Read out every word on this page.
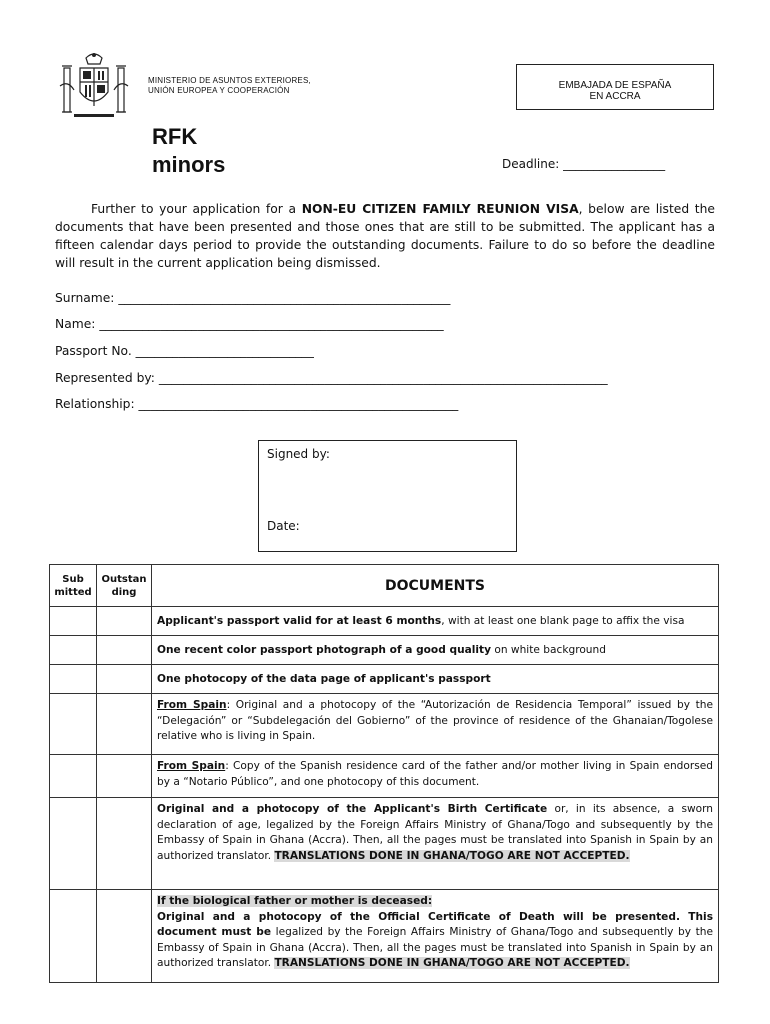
MINISTERIO DE ASUNTOS EXTERIORES,
UNIÓN EUROPEA Y COOPERACIÓN	EMBAJADA DE ESPAÑA
EN ACCRA
RFK
minors	Deadline: _________________
Further to your application for a NON-EU CITIZEN FAMILY REUNION VISA, below are listed the documents that have been presented and those ones that are still to be submitted. The applicant has a fifteen calendar days period to provide the outstanding documents. Failure to do so before the deadline will result in the current application being dismissed.
Surname: ______________________________________________________
Name: ________________________________________________________
Passport No. _____________________________
Represented by: _________________________________________________________________________
Relationship: ____________________________________________________
Signed by:
Date:
Sub mitted	Outstan ding	DOCUMENTS
		Applicant's passport valid for at least 6 months, with at least one blank page to affix the visa
		One recent color passport photograph of a good quality on white background
		One photocopy of the data page of applicant's passport
		From Spain: Original and a photocopy of the “Autorización de Residencia Temporal” issued by the “Delegación” or “Subdelegación del Gobierno” of the province of residence of the Ghanaian/Togolese relative who is living in Spain.
		From Spain: Copy of the Spanish residence card of the father and/or mother living in Spain endorsed by a “Notario Público”, and one photocopy of this document.
		Original and a photocopy of the Applicant's Birth Certificate or, in its absence, a sworn declaration of age, legalized by the Foreign Affairs Ministry of Ghana/Togo and subsequently by the Embassy of Spain in Ghana (Accra). Then, all the pages must be translated into Spanish in Spain by an authorized translator. TRANSLATIONS DONE IN GHANA/TOGO ARE NOT ACCEPTED.
		If the biological father or mother is deceased:
Original and a photocopy of the Official Certificate of Death will be presented. This document must be legalized by the Foreign Affairs Ministry of Ghana/Togo and subsequently by the Embassy of Spain in Ghana (Accra). Then, all the pages must be translated into Spanish in Spain by an authorized translator. TRANSLATIONS DONE IN GHANA/TOGO ARE NOT ACCEPTED.
